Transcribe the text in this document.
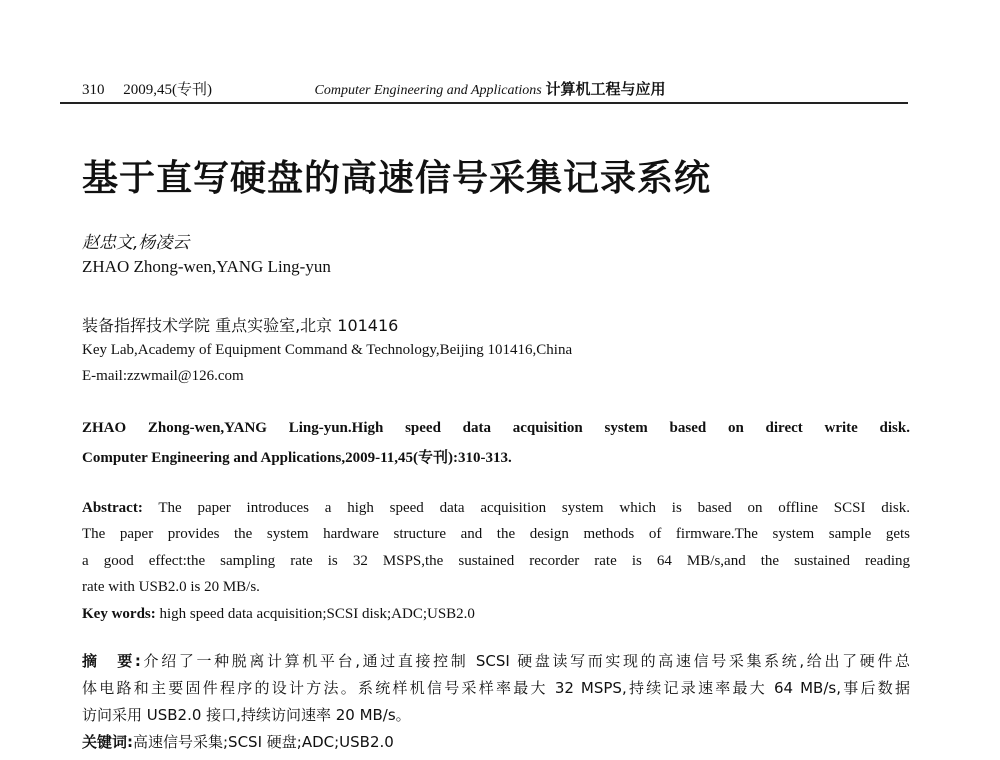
310 2009,45(专刊)	Computer Engineering and Applications 计算机工程与应用
基于直写硬盘的高速信号采集记录系统
赵忠文,杨凌云
ZHAO Zhong-wen,YANG Ling-yun
装备指挥技术学院 重点实验室,北京 101416
Key Lab,Academy of Equipment Command & Technology,Beijing 101416,China
E-mail:zzwmail@126.com
ZHAO Zhong-wen,YANG Ling-yun.High speed data acquisition system based on direct write disk.
Computer Engineering and Applications,2009-11,45(专刊):310-313.
Abstract: The paper introduces a high speed data acquisition system which is based on offline SCSI disk.
The paper provides the system hardware structure and the design methods of firmware.The system sample gets
a good effect:the sampling rate is 32 MSPS,the sustained recorder rate is 64 MB/s,and the sustained reading
rate with USB2.0 is 20 MB/s.
Key words: high speed data acquisition;SCSI disk;ADC;USB2.0
摘　要:介绍了一种脱离计算机平台,通过直接控制 SCSI 硬盘读写而实现的高速信号采集系统,给出了硬件总
体电路和主要固件程序的设计方法。系统样机信号采样率最大 32 MSPS,持续记录速率最大 64 MB/s,事后数据
访问采用 USB2.0 接口,持续访问速率 20 MB/s。
关键词:高速信号采集;SCSI 硬盘;ADC;USB2.0
